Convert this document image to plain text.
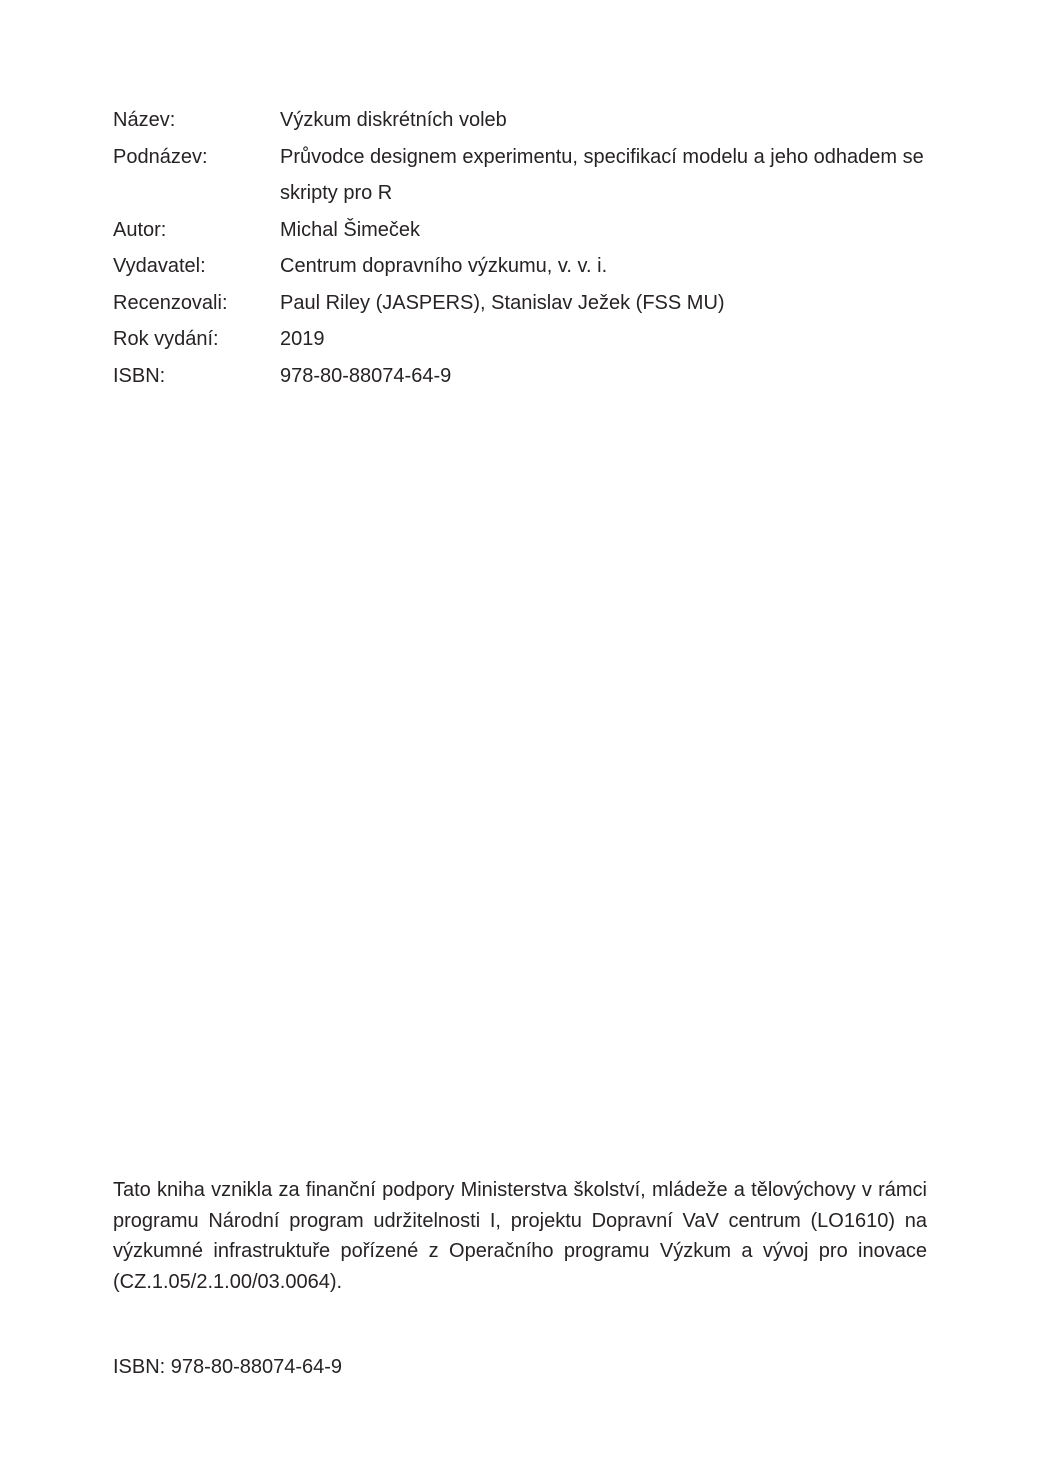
Název:	Výzkum diskrétních voleb
Podnázev:	Průvodce designem experimentu, specifikací modelu a jeho odhadem se
skripty pro R
Autor:	Michal Šimeček
Vydavatel:	Centrum dopravního výzkumu, v. v. i.
Recenzovali:	Paul Riley (JASPERS), Stanislav Ježek (FSS MU)
Rok vydání:	2019
ISBN:	978-80-88074-64-9
Tato kniha vznikla za finanční podpory Ministerstva školství, mládeže a tělovýchovy v rámci
programu Národní program udržitelnosti I, projektu Dopravní VaV centrum (LO1610) na
výzkumné infrastruktuře pořízené z Operačního programu Výzkum a vývoj pro inovace
(CZ.1.05/2.1.00/03.0064).
ISBN: 978-80-88074-64-9
